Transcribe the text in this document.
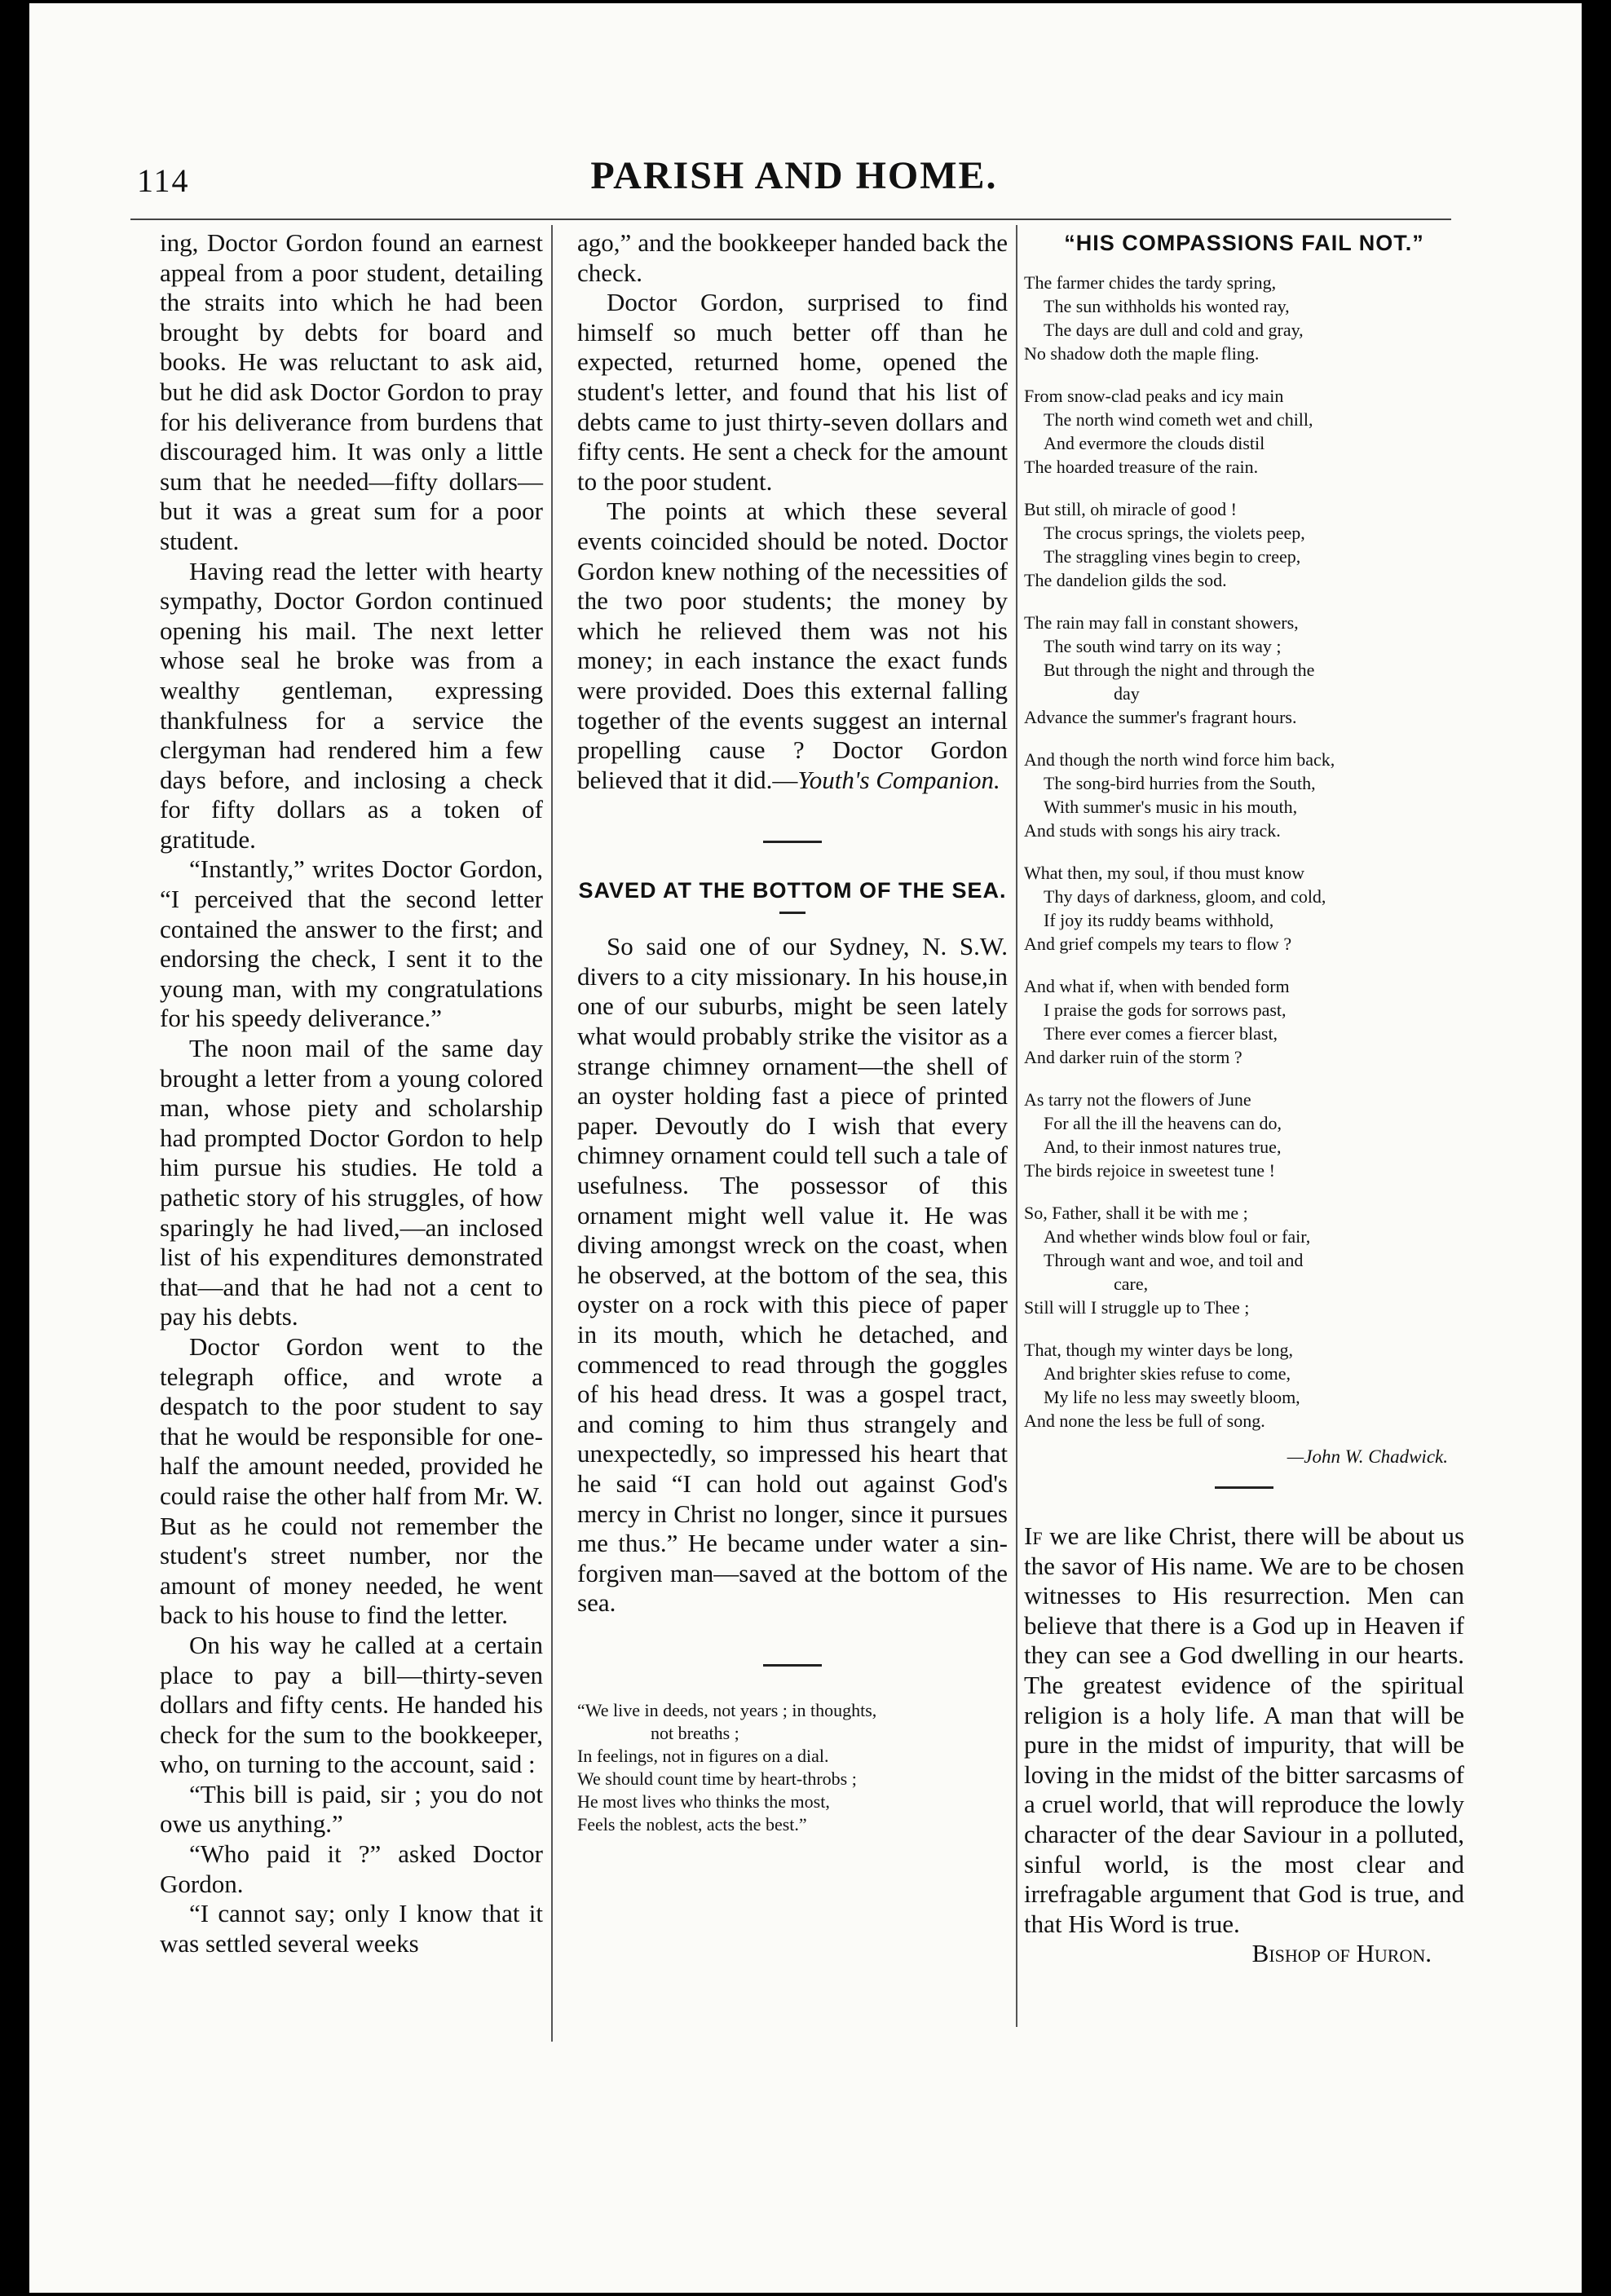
114	PARISH AND HOME.

ing, Doctor Gordon found an earnest appeal from a poor student, detailing the straits into which he had been brought by debts for board and books. He was reluctant to ask aid, but he did ask Doctor Gordon to pray for his deliverance from burdens that discouraged him. It was only a little sum that he needed—fifty dollars—but it was a great sum for a poor student.

Having read the letter with hearty sympathy, Doctor Gordon continued opening his mail. The next letter whose seal he broke was from a wealthy gentleman, expressing thankfulness for a service the clergyman had rendered him a few days before, and inclosing a check for fifty dollars as a token of gratitude.

“Instantly,” writes Doctor Gordon, “I perceived that the second letter contained the answer to the first; and endorsing the check, I sent it to the young man, with my congratulations for his speedy deliverance.”

The noon mail of the same day brought a letter from a young colored man, whose piety and scholarship had prompted Doctor Gordon to help him pursue his studies. He told a pathetic story of his struggles, of how sparingly he had lived,—an inclosed list of his expenditures demonstrated that—and that he had not a cent to pay his debts.

Doctor Gordon went to the telegraph office, and wrote a despatch to the poor student to say that he would be responsible for one-half the amount needed, provided he could raise the other half from Mr. W. But as he could not remember the student's street number, nor the amount of money needed, he went back to his house to find the letter.

On his way he called at a certain place to pay a bill—thirty-seven dollars and fifty cents. He handed his check for the sum to the bookkeeper, who, on turning to the account, said :

“This bill is paid, sir ; you do not owe us anything.”

“Who paid it ?” asked Doctor Gordon.

“I cannot say; only I know that it was settled several weeks

ago,” and the bookkeeper handed back the check.

Doctor Gordon, surprised to find himself so much better off than he expected, returned home, opened the student's letter, and found that his list of debts came to just thirty-seven dollars and fifty cents. He sent a check for the amount to the poor student.

The points at which these several events coincided should be noted. Doctor Gordon knew nothing of the necessities of the two poor students; the money by which he relieved them was not his money; in each instance the exact funds were provided. Does this external falling together of the events suggest an internal propelling cause ? Doctor Gordon believed that it did.—Youth's Companion.

SAVED AT THE BOTTOM OF THE SEA.

So said one of our Sydney, N. S.W. divers to a city missionary. In his house,in one of our suburbs, might be seen lately what would probably strike the visitor as a strange chimney ornament—the shell of an oyster holding fast a piece of printed paper. Devoutly do I wish that every chimney ornament could tell such a tale of usefulness. The possessor of this ornament might well value it. He was diving amongst wreck on the coast, when he observed, at the bottom of the sea, this oyster on a rock with this piece of paper in its mouth, which he detached, and commenced to read through the goggles of his head dress. It was a gospel tract, and coming to him thus strangely and unexpectedly, so impressed his heart that he said “I can hold out against God's mercy in Christ no longer, since it pursues me thus.” He became under water a sin-forgiven man—saved at the bottom of the sea.

“We live in deeds, not years ; in thoughts,
not breaths ;
In feelings, not in figures on a dial.
We should count time by heart-throbs ;
He most lives who thinks the most,
Feels the noblest, acts the best.”
“HIS COMPASSIONS FAIL NOT.”
The farmer chides the tardy spring,
The sun withholds his wonted ray,
The days are dull and cold and gray,
No shadow doth the maple fling.
From snow-clad peaks and icy main
The north wind cometh wet and chill,
And evermore the clouds distil
The hoarded treasure of the rain.
But still, oh miracle of good !
The crocus springs, the violets peep,
The straggling vines begin to creep,
The dandelion gilds the sod.
The rain may fall in constant showers,
The south wind tarry on its way ;
But through the night and through the
day
Advance the summer's fragrant hours.
And though the north wind force him back,
The song-bird hurries from the South,
With summer's music in his mouth,
And studs with songs his airy track.
What then, my soul, if thou must know
Thy days of darkness, gloom, and cold,
If joy its ruddy beams withhold,
And grief compels my tears to flow ?
And what if, when with bended form
I praise the gods for sorrows past,
There ever comes a fiercer blast,
And darker ruin of the storm ?
As tarry not the flowers of June
For all the ill the heavens can do,
And, to their inmost natures true,
The birds rejoice in sweetest tune !
So, Father, shall it be with me ;
And whether winds blow foul or fair,
Through want and woe, and toil and
care,
Still will I struggle up to Thee ;
That, though my winter days be long,
And brighter skies refuse to come,
My life no less may sweetly bloom,
And none the less be full of song.
—John W. Chadwick.

If we are like Christ, there will be about us the savor of His name. We are to be chosen witnesses to His resurrection. Men can believe that there is a God up in Heaven if they can see a God dwelling in our hearts. The greatest evidence of the spiritual religion is a holy life. A man that will be pure in the midst of impurity, that will be loving in the midst of the bitter sarcasms of a cruel world, that will reproduce the lowly character of the dear Saviour in a polluted, sinful world, is the most clear and irrefragable argument that God is true, and that His Word is true.

Bishop of Huron.
